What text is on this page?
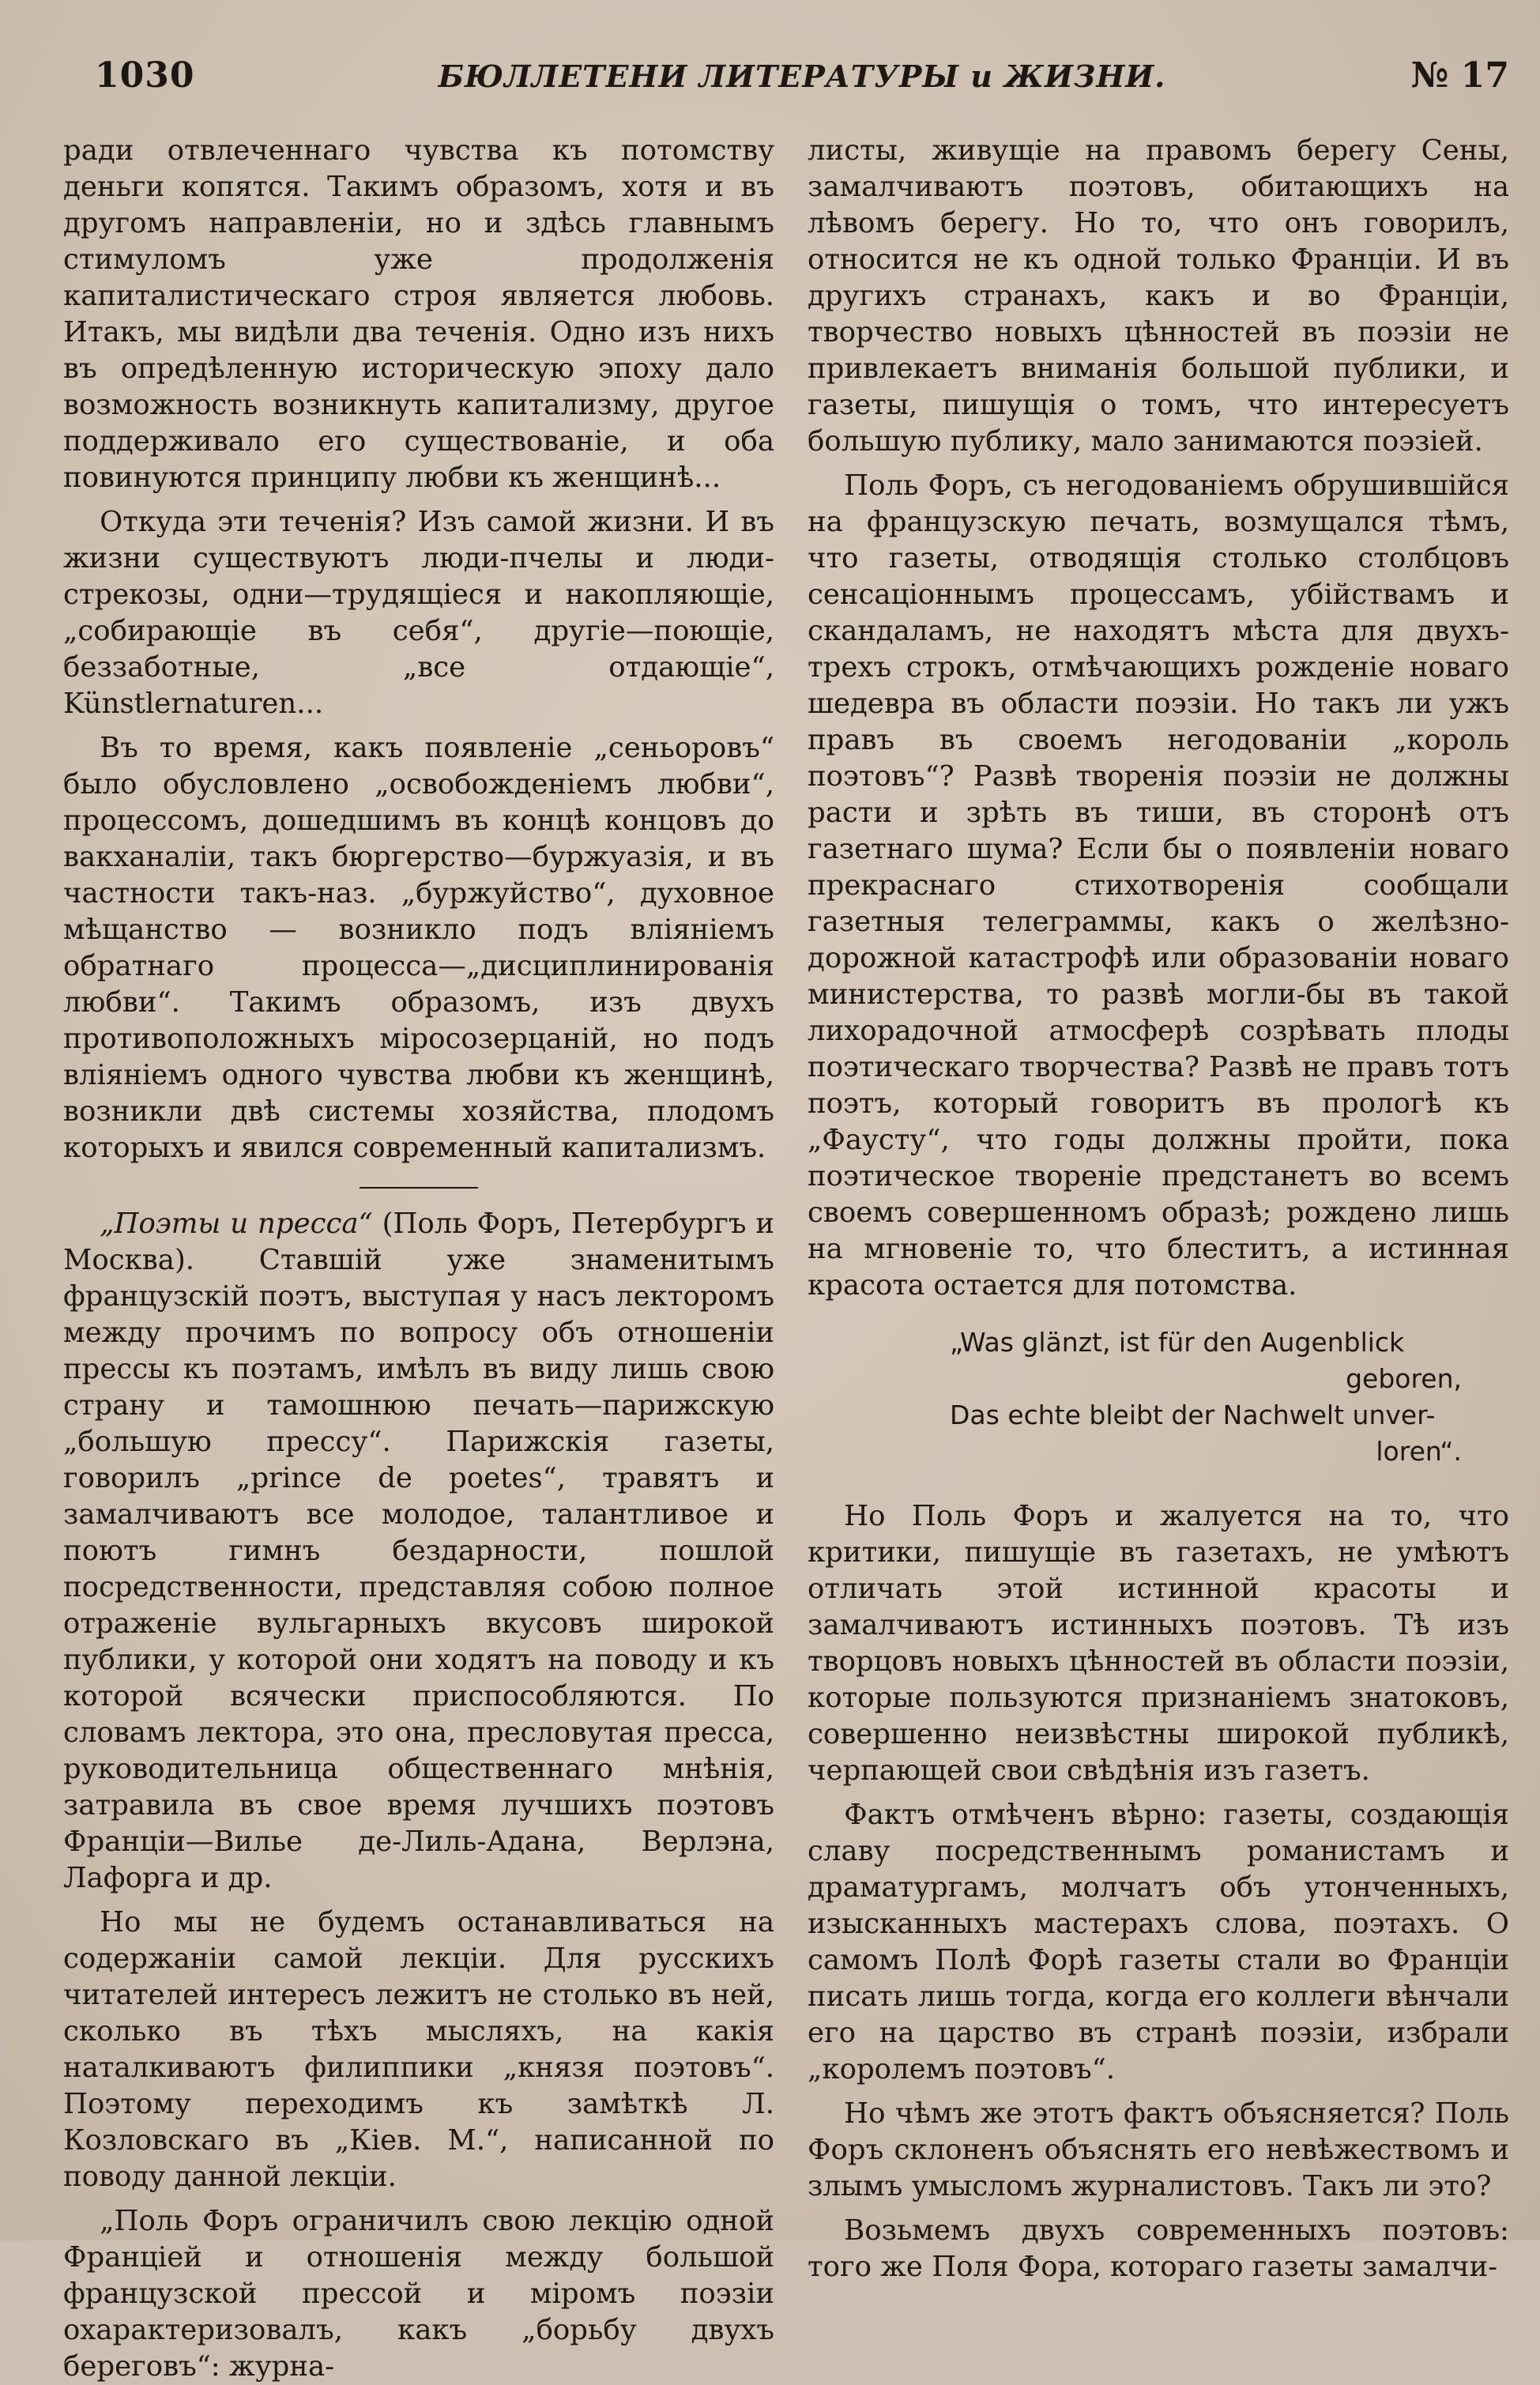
1030	БЮЛЛЕТЕНИ ЛИТЕРАТУРЫ и ЖИЗНИ.	№ 17

ради отвлеченнаго чувства къ потомству деньги копятся. Такимъ образомъ, хотя и въ другомъ направленіи, но и здѣсь главнымъ стимуломъ уже продолженія капиталистическаго строя является любовь. Итакъ, мы видѣли два теченія. Одно изъ нихъ въ опредѣленную историческую эпоху дало возможность возникнуть капитализму, другое поддерживало его существованіе, и оба повинуются принципу любви къ женщинѣ...

Откуда эти теченія? Изъ самой жизни. И въ жизни существуютъ люди-пчелы и люди-стрекозы, одни—трудящіеся и накопляющіе, „собирающіе въ себя“, другіе—поющіе, беззаботные, „все отдающіе“, Künstlernaturen...

Въ то время, какъ появленіе „сеньоровъ“ было обусловлено „освобожденіемъ любви“, процессомъ, дошедшимъ въ концѣ концовъ до вакханаліи, такъ бюргерство—буржуазія, и въ частности такъ-наз. „буржуйство“, духовное мѣщанство — возникло подъ вліяніемъ обратнаго процесса—„дисциплинированія любви“. Такимъ образомъ, изъ двухъ противоположныхъ міросозерцаній, но подъ вліяніемъ одного чувства любви къ женщинѣ, возникли двѣ системы хозяйства, плодомъ которыхъ и явился современный капитализмъ.

„Поэты и пресса“ (Поль Форъ, Петербургъ и Москва). Ставшій уже знаменитымъ французскій поэтъ, выступая у насъ лекторомъ между прочимъ по вопросу объ отношеніи прессы къ поэтамъ, имѣлъ въ виду лишь свою страну и тамошнюю печать—парижскую „большую прессу“. Парижскія газеты, говорилъ „prince de poetes“, травятъ и замалчиваютъ все молодое, талантливое и поютъ гимнъ бездарности, пошлой посредственности, представляя собою полное отраженіе вульгарныхъ вкусовъ широкой публики, у которой они ходятъ на поводу и къ которой всячески приспособляются. По словамъ лектора, это она, пресловутая пресса, руководительница общественнаго мнѣнія, затравила въ свое время лучшихъ поэтовъ Франціи—Вилье де-Лиль-Адана, Верлэна, Лафорга и др.

Но мы не будемъ останавливаться на содержаніи самой лекціи. Для русскихъ читателей интересъ лежитъ не столько въ ней, сколько въ тѣхъ мысляхъ, на какія наталкиваютъ филиппики „князя поэтовъ“. Поэтому переходимъ къ замѣткѣ Л. Козловскаго въ „Кіев. М.“, написанной по поводу данной лекціи.

„Поль Форъ ограничилъ свою лекцію одной Франціей и отношенія между большой французской прессой и міромъ поэзіи охарактеризовалъ, какъ „борьбу двухъ береговъ“: журна-

листы, живущіе на правомъ берегу Сены, замалчиваютъ поэтовъ, обитающихъ на лѣвомъ берегу. Но то, что онъ говорилъ, относится не къ одной только Франціи. И въ другихъ странахъ, какъ и во Франціи, творчество новыхъ цѣнностей въ поэзіи не привлекаетъ вниманія большой публики, и газеты, пишущія о томъ, что интересуетъ большую публику, мало занимаются поэзіей.

Поль Форъ, съ негодованіемъ обрушившійся на французскую печать, возмущался тѣмъ, что газеты, отводящія столько столбцовъ сенсаціоннымъ процессамъ, убійствамъ и скандаламъ, не находятъ мѣста для двухъ-трехъ строкъ, отмѣчающихъ рожденіе новаго шедевра въ области поэзіи. Но такъ ли ужъ правъ въ своемъ негодованіи „король поэтовъ“? Развѣ творенія поэзіи не должны расти и зрѣть въ тиши, въ сторонѣ отъ газетнаго шума? Если бы о появленіи новаго прекраснаго стихотворенія сообщали газетныя телеграммы, какъ о желѣзно-дорожной катастрофѣ или образованіи новаго министерства, то развѣ могли-бы въ такой лихорадочной атмосферѣ созрѣвать плоды поэтическаго творчества? Развѣ не правъ тотъ поэтъ, который говоритъ въ прологѣ къ „Фаусту“, что годы должны пройти, пока поэтическое твореніе предстанетъ во всемъ своемъ совершенномъ образѣ; рождено лишь на мгновеніе то, что блеститъ, а истинная красота остается для потомства.

„Was glänzt, ist für den Augenblick
geboren,
Das echte bleibt der Nachwelt unver-
loren“.

Но Поль Форъ и жалуется на то, что критики, пишущіе въ газетахъ, не умѣютъ отличать этой истинной красоты и замалчиваютъ истинныхъ поэтовъ. Тѣ изъ творцовъ новыхъ цѣнностей въ области поэзіи, которые пользуются признаніемъ знатоковъ, совершенно неизвѣстны широкой публикѣ, черпающей свои свѣдѣнія изъ газетъ.

Фактъ отмѣченъ вѣрно: газеты, создающія славу посредственнымъ романистамъ и драматургамъ, молчатъ объ утонченныхъ, изысканныхъ мастерахъ слова, поэтахъ. О самомъ Полѣ Форѣ газеты стали во Франціи писать лишь тогда, когда его коллеги вѣнчали его на царство въ странѣ поэзіи, избрали „королемъ поэтовъ“.

Но чѣмъ же этотъ фактъ объясняется? Поль Форъ склоненъ объяснять его невѣжествомъ и злымъ умысломъ журналистовъ. Такъ ли это?

Возьмемъ двухъ современныхъ поэтовъ: того же Поля Фора, котораго газеты замалчи-
